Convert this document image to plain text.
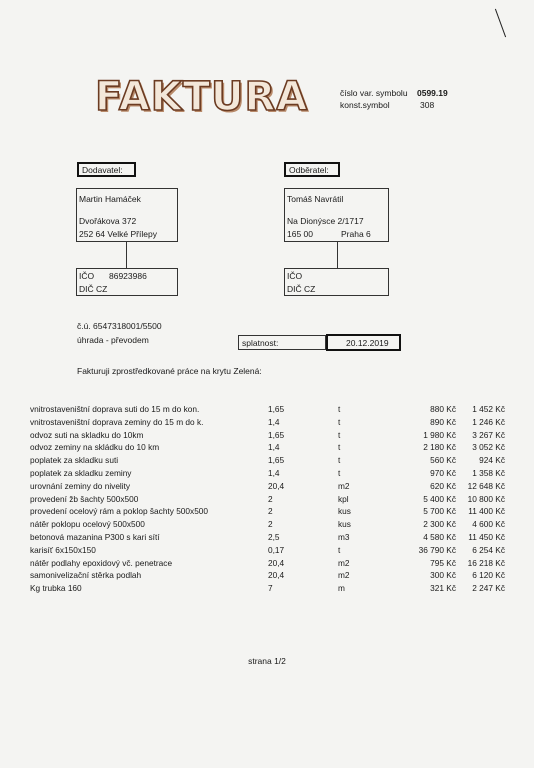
FAKTURA	číslo var. symbolu 0599.19
konst.symbol	308
Dodavatel:
Martin Hamáček
Dvořákova 372
252 64 Velké Přílepy
IČO 86923986
DIČ CZ
Odběratel:
Tomáš Navrátil
Na Dionýsce 2/1717
165 00	Praha 6
IČO
DIČ CZ
č.ú. 6547318001/5500
úhrada - převodem	splatnost:	20.12.2019
Fakturuji zprostředkované práce na krytu Zelená:
vnitrostaveništní doprava suti do 15 m do kon.	1,65	t	880 Kč	1 452 Kč
vnitrostaveništní doprava zeminy do 15 m do k.	1,4	t	890 Kč	1 246 Kč
odvoz suti na skladku do 10km	1,65	t	1 980 Kč	3 267 Kč
odvoz zeminy na skládku do 10 km	1,4	t	2 180 Kč	3 052 Kč
poplatek za skladku suti	1,65	t	560 Kč	924 Kč
poplatek za skladku zeminy	1,4	t	970 Kč	1 358 Kč
urovnání zeminy do nivelity	20,4	m2	620 Kč	12 648 Kč
provedení žb šachty 500x500	2	kpl	5 400 Kč	10 800 Kč
provedení ocelový rám a poklop šachty 500x500	2	kus	5 700 Kč	11 400 Kč
nátěr poklopu ocelový 500x500	2	kus	2 300 Kč	4 600 Kč
betonová mazanina P300 s kari sítí	2,5	m3	4 580 Kč	11 450 Kč
karisíť 6x150x150	0,17	t	36 790 Kč	6 254 Kč
nátěr podlahy epoxidový vč. penetrace	20,4	m2	795 Kč	16 218 Kč
samonivelizační stěrka podlah	20,4	m2	300 Kč	6 120 Kč
Kg trubka 160	7	m	321 Kč	2 247 Kč
strana 1/2
